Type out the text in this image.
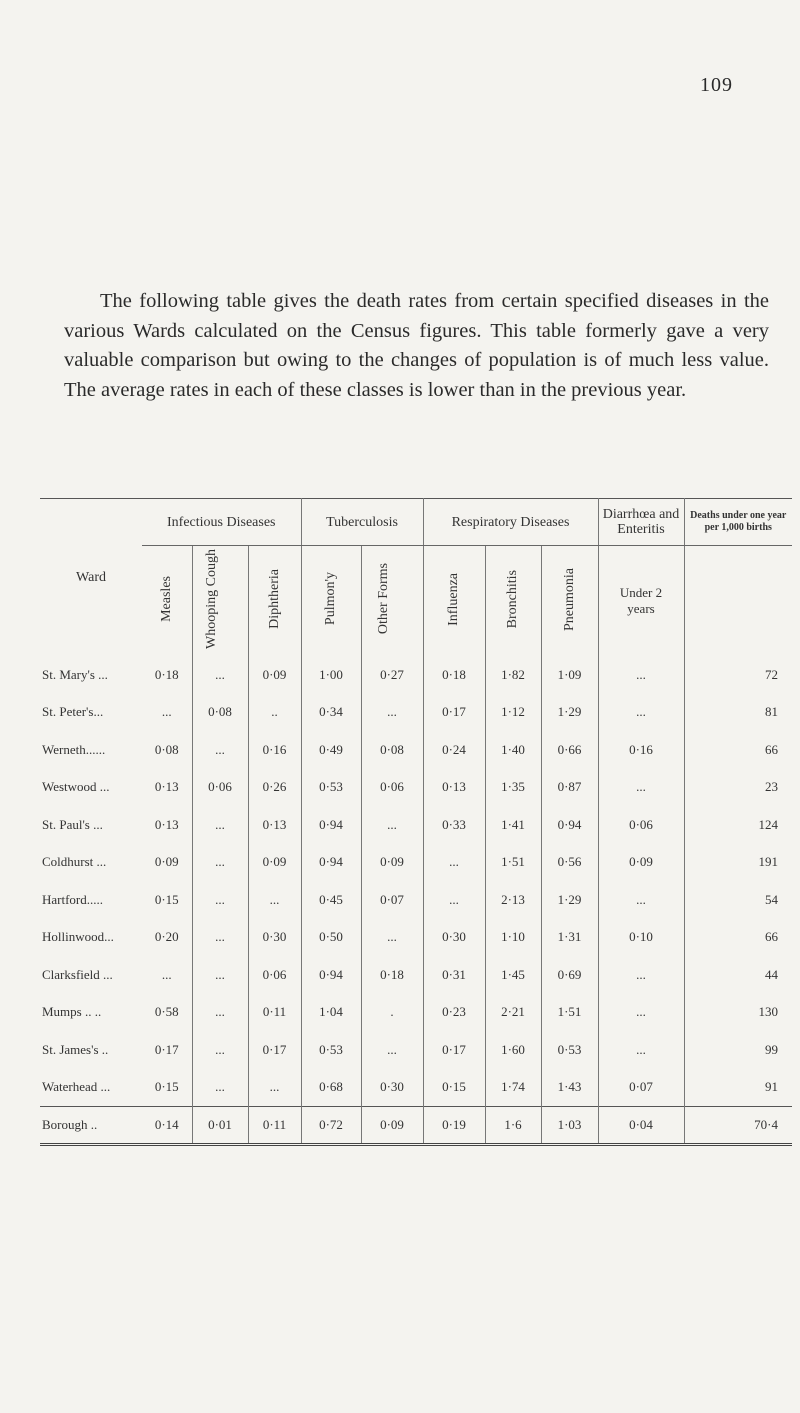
109

The following table gives the death rates from certain specified diseases in the various Wards calculated on the Census figures. This table formerly gave a very valuable comparison but owing to the changes of population is of much less value. The average rates in each of these classes is lower than in the previous year.

Ward	Infectious Diseases			Tuberculosis		Respiratory Diseases			Diarrhœa and Enteritis	Deaths under one year per 1,000 births
	Measles	Whooping Cough	Diphtheria	Pulmon'y	Other Forms	Influenza	Bronchitis	Pneumonia	Under 2 years	
St. Mary's ...	0·18	...	0·09	1·00	0·27	0·18	1·82	1·09	...	72
St. Peter's...	...	0·08	..	0·34	...	0·17	1·12	1·29	...	81
Werneth......	0·08	...	0·16	0·49	0·08	0·24	1·40	0·66	0·16	66
Westwood ...	0·13	0·06	0·26	0·53	0·06	0·13	1·35	0·87	...	23
St. Paul's ...	0·13	...	0·13	0·94	...	0·33	1·41	0·94	0·06	124
Coldhurst ...	0·09	...	0·09	0·94	0·09	...	1·51	0·56	0·09	191
Hartford.....	0·15	...	...	0·45	0·07	...	2·13	1·29	...	54
Hollinwood...	0·20	...	0·30	0·50	...	0·30	1·10	1·31	0·10	66
Clarksfield ...	...	...	0·06	0·94	0·18	0·31	1·45	0·69	...	44
Mumps .. ..	0·58	...	0·11	1·04	.	0·23	2·21	1·51	...	130
St. James's ..	0·17	...	0·17	0·53	...	0·17	1·60	0·53	...	99
Waterhead ...	0·15	...	...	0·68	0·30	0·15	1·74	1·43	0·07	91
Borough ..	0·14	0·01	0·11	0·72	0·09	0·19	1·6	1·03	0·04	70·4
